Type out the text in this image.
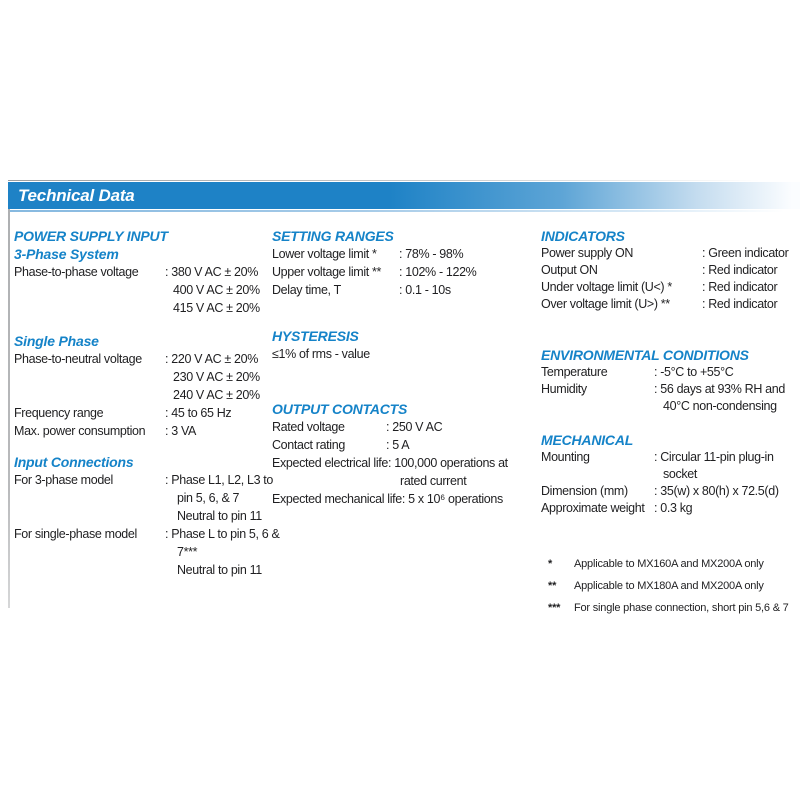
Technical Data
POWER SUPPLY INPUT
3-Phase System
Phase-to-phase voltage	: 380 V AC ± 20%
400 V AC ± 20%
415 V AC ± 20%
Single Phase
Phase-to-neutral voltage	: 220 V AC ± 20%
230 V AC ± 20%
240 V AC ± 20%
Frequency range	: 45 to 65 Hz
Max. power consumption	: 3 VA
Input Connections
For 3-phase model	: Phase L1, L2, L3 to
pin 5, 6, & 7
Neutral to pin 11
For single-phase model	: Phase L to pin 5, 6 &
7***
Neutral to pin 11
SETTING RANGES
Lower voltage limit *	: 78% - 98%
Upper voltage limit **	: 102% - 122%
Delay time, T	: 0.1 - 10s
HYSTERESIS
≤1% of rms - value
OUTPUT CONTACTS
Rated voltage	: 250 V AC
Contact rating	: 5 A
Expected electrical life : 100,000 operations at
rated current
Expected mechanical life : 5 x 10⁶ operations
INDICATORS
Power supply ON	: Green indicator
Output ON	: Red indicator
Under voltage limit (U<) *	: Red indicator
Over voltage limit (U>) **	: Red indicator
ENVIRONMENTAL CONDITIONS
Temperature	: -5°C to +55°C
Humidity	: 56 days at 93% RH and
40°C non-condensing
MECHANICAL
Mounting	: Circular 11-pin plug-in
socket
Dimension (mm)	: 35(w) x 80(h) x 72.5(d)
Approximate weight : 0.3 kg
*	Applicable to MX160A and MX200A only
**	Applicable to MX180A and MX200A only
***	For single phase connection, short pin 5,6 & 7
